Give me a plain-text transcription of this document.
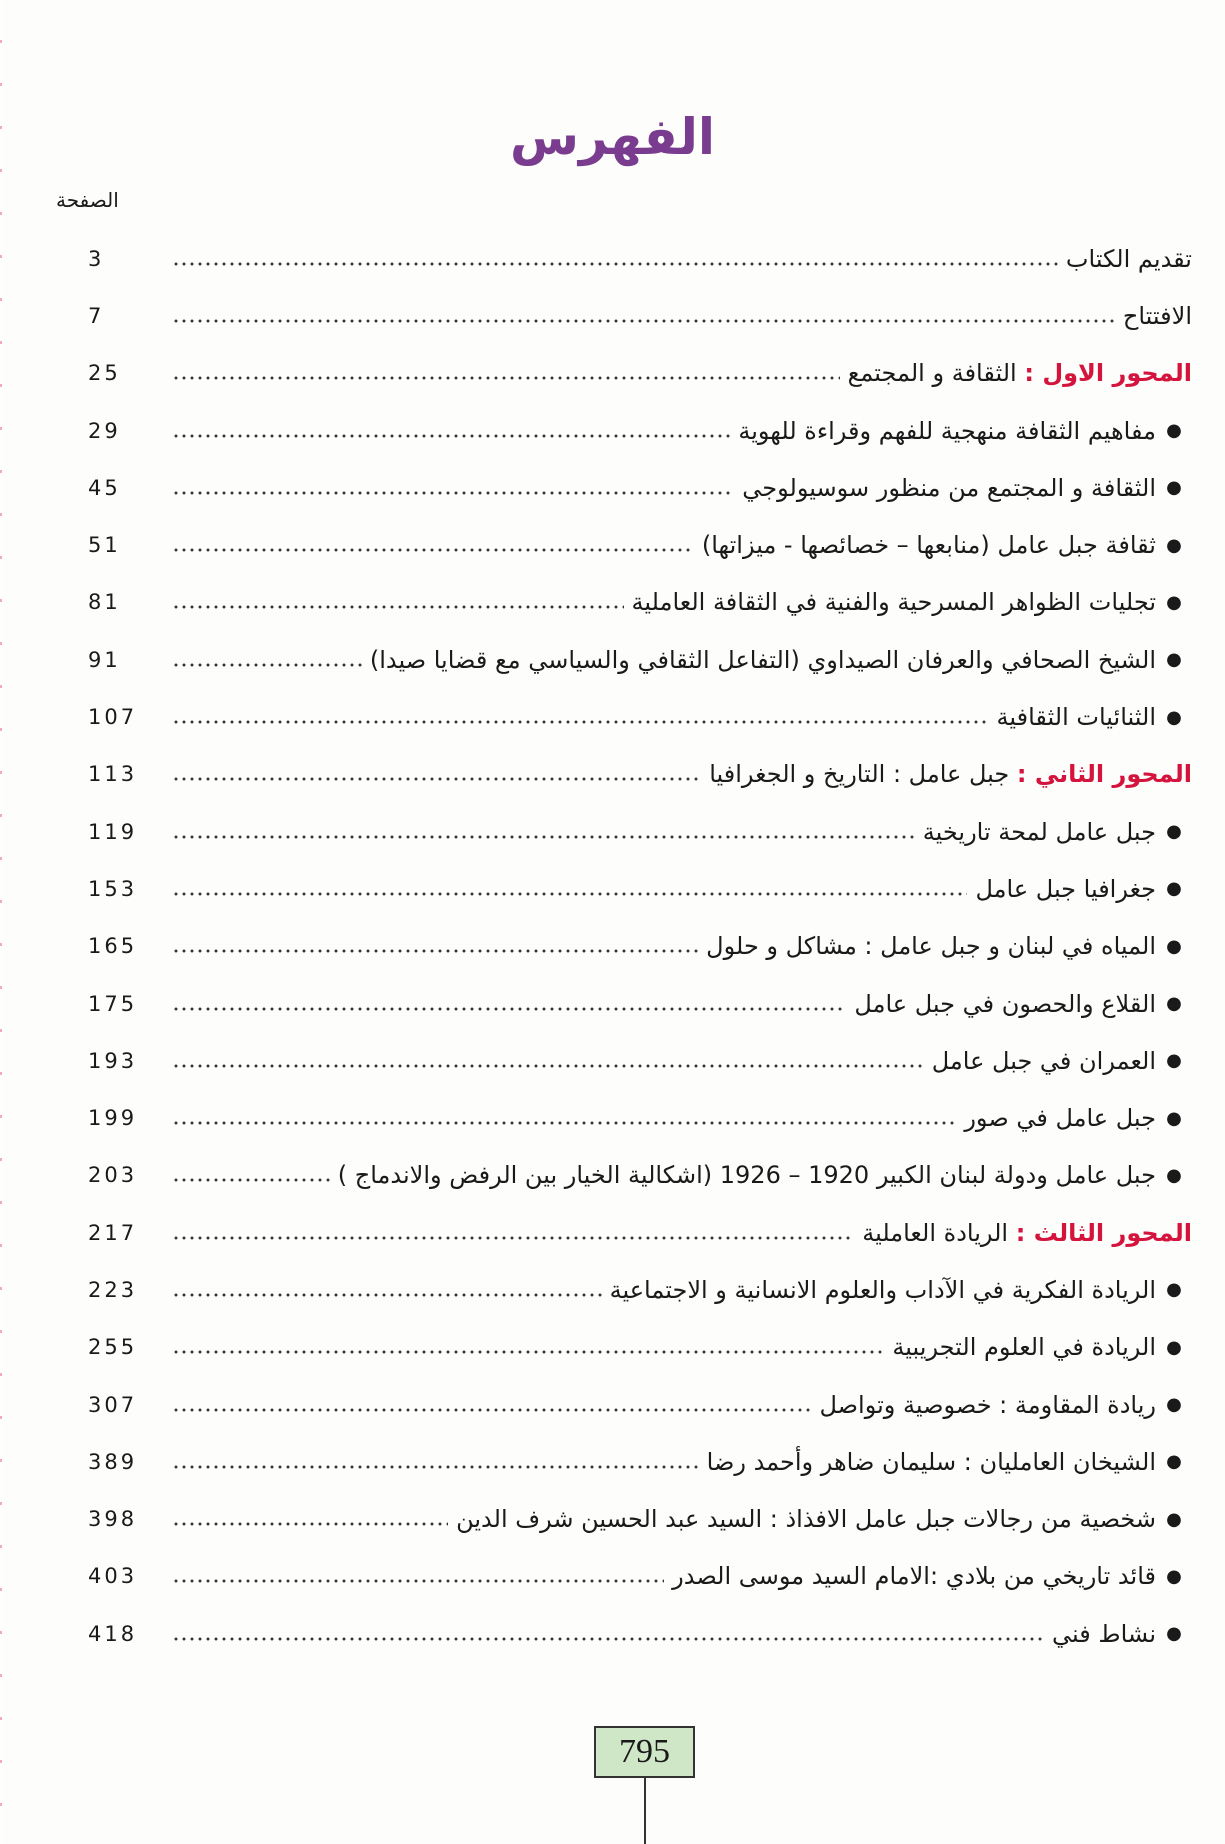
الفهرس
الصفحة
تقديم الكتاب
3
الافتتاح
7
المحور الاول : الثقافة و المجتمع
25
●
مفاهيم الثقافة منهجية للفهم وقراءة للهوية
29
●
الثقافة و المجتمع من منظور سوسيولوجي
45
●
ثقافة جبل عامل (منابعها – خصائصها - ميزاتها)
51
●
تجليات الظواهر المسرحية والفنية في الثقافة العاملية
81
●
الشيخ الصحافي والعرفان الصيداوي (التفاعل الثقافي والسياسي مع قضايا صيدا)
91
●
الثنائيات الثقافية
107
المحور الثاني : جبل عامل : التاريخ و الجغرافيا
113
●
جبل عامل لمحة تاريخية
119
●
جغرافيا جبل عامل
153
●
المياه في لبنان و جبل عامل : مشاكل و حلول
165
●
القلاع والحصون في جبل عامل
175
●
العمران في جبل عامل
193
●
جبل عامل في صور
199
●
جبل عامل ودولة لبنان الكبير 1920 – 1926 (اشكالية الخيار بين الرفض والاندماج )
203
المحور الثالث : الريادة العاملية
217
●
الريادة الفكرية في الآداب والعلوم الانسانية و الاجتماعية
223
●
الريادة في العلوم التجريبية
255
●
ريادة المقاومة : خصوصية وتواصل
307
●
الشيخان العامليان : سليمان ضاهر وأحمد رضا
389
●
شخصية من رجالات جبل عامل الافذاذ : السيد عبد الحسين شرف الدين
398
●
قائد تاريخي من بلادي :الامام السيد موسى الصدر
403
●
نشاط فني
418
795
